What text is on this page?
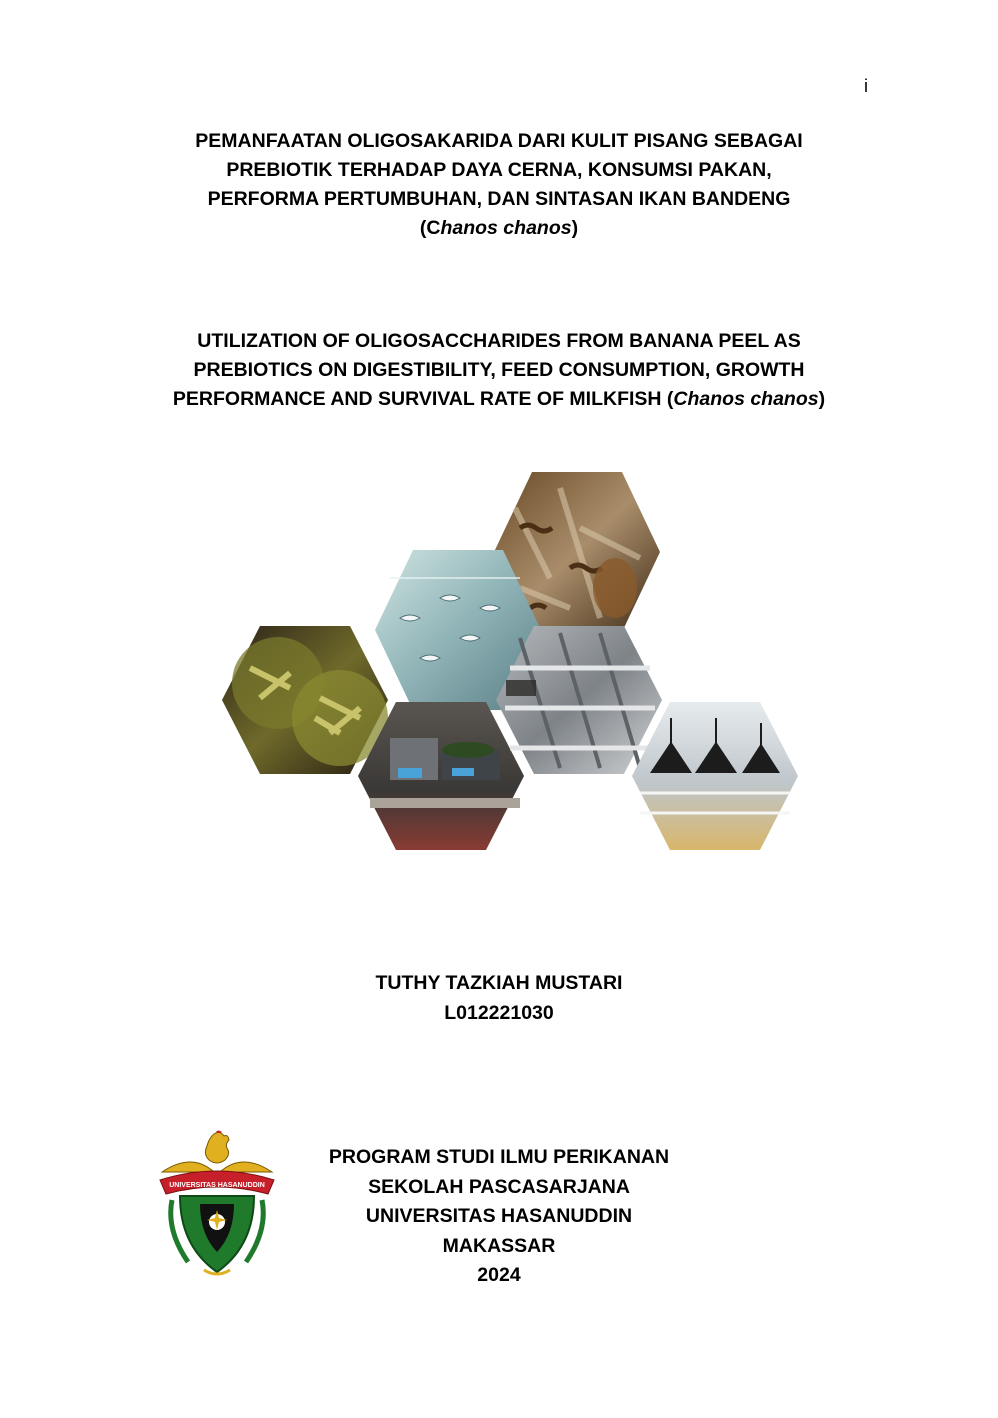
i

PEMANFAATAN OLIGOSAKARIDA DARI KULIT PISANG SEBAGAI

PREBIOTIK TERHADAP DAYA CERNA, KONSUMSI PAKAN,

PERFORMA PERTUMBUHAN, DAN SINTASAN IKAN BANDENG

(Chanos chanos)

UTILIZATION OF OLIGOSACCHARIDES FROM BANANA PEEL AS

PREBIOTICS ON DIGESTIBILITY, FEED CONSUMPTION, GROWTH

PERFORMANCE AND SURVIVAL RATE OF MILKFISH (Chanos chanos)

TUTHY TAZKIAH MUSTARI

L012221030

UNIVERSITAS HASANUDDIN

PROGRAM STUDI ILMU PERIKANAN

SEKOLAH PASCASARJANA

UNIVERSITAS HASANUDDIN

MAKASSAR

2024
